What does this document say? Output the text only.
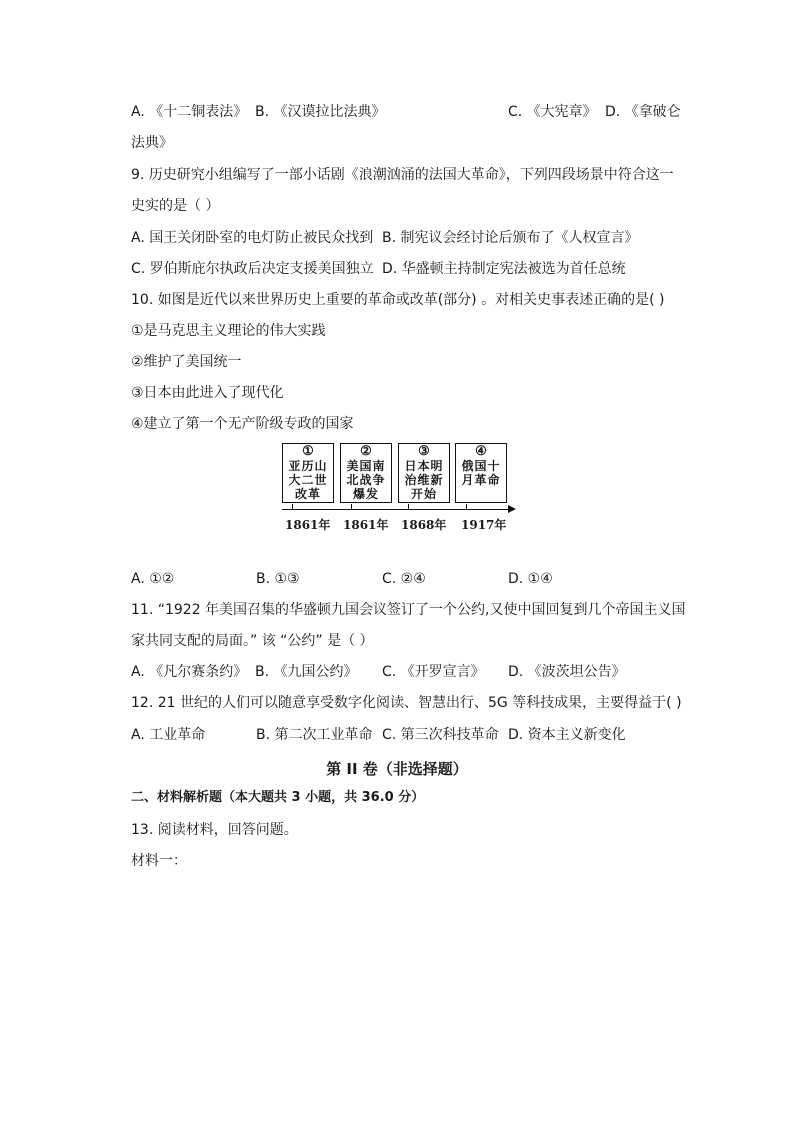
A. 《十二铜表法》 B. 《汉谟拉比法典》	C. 《大宪章》 D. 《拿破仑
法典》
9. 历史研究小组编写了一部小话剧《浪潮汹涌的法国大革命》，下列四段场景中符合这一
史实的是（ ）
A. 国王关闭卧室的电灯防止被民众找到 B. 制宪议会经讨论后颁布了《人权宣言》
C. 罗伯斯庇尔执政后决定支援美国独立 D. 华盛顿主持制定宪法被选为首任总统
10. 如图是近代以来世界历史上重要的革命或改革(部分) 。对相关史事表述正确的是( )
①是马克思主义理论的伟大实践
②维护了美国统一
③日本由此进入了现代化
④建立了第一个无产阶级专政的国家
①
亚历山
大二世
改革
②
美国南
北战争
爆发
③
日本明
治维新
开始
④
俄国十
月革命
1861年 1861年 1868年 1917年
A. ①②	B. ①③	C. ②④	D. ①④
11. “1922 年美国召集的华盛顿九国会议签订了一个公约,又使中国回复到几个帝国主义国
家共同支配的局面。” 该 “公约” 是（ ）
A. 《凡尔赛条约》 B. 《九国公约》 C. 《开罗宣言》 D. 《波茨坦公告》
12. 21 世纪的人们可以随意享受数字化阅读、智慧出行、5G 等科技成果，主要得益于( )
A. 工业革命	B. 第二次工业革命 C. 第三次科技革命 D. 资本主义新变化
第 II 卷（非选择题）
二、材料解析题（本大题共 3 小题，共 36.0 分）
13. 阅读材料，回答问题。
材料一：
